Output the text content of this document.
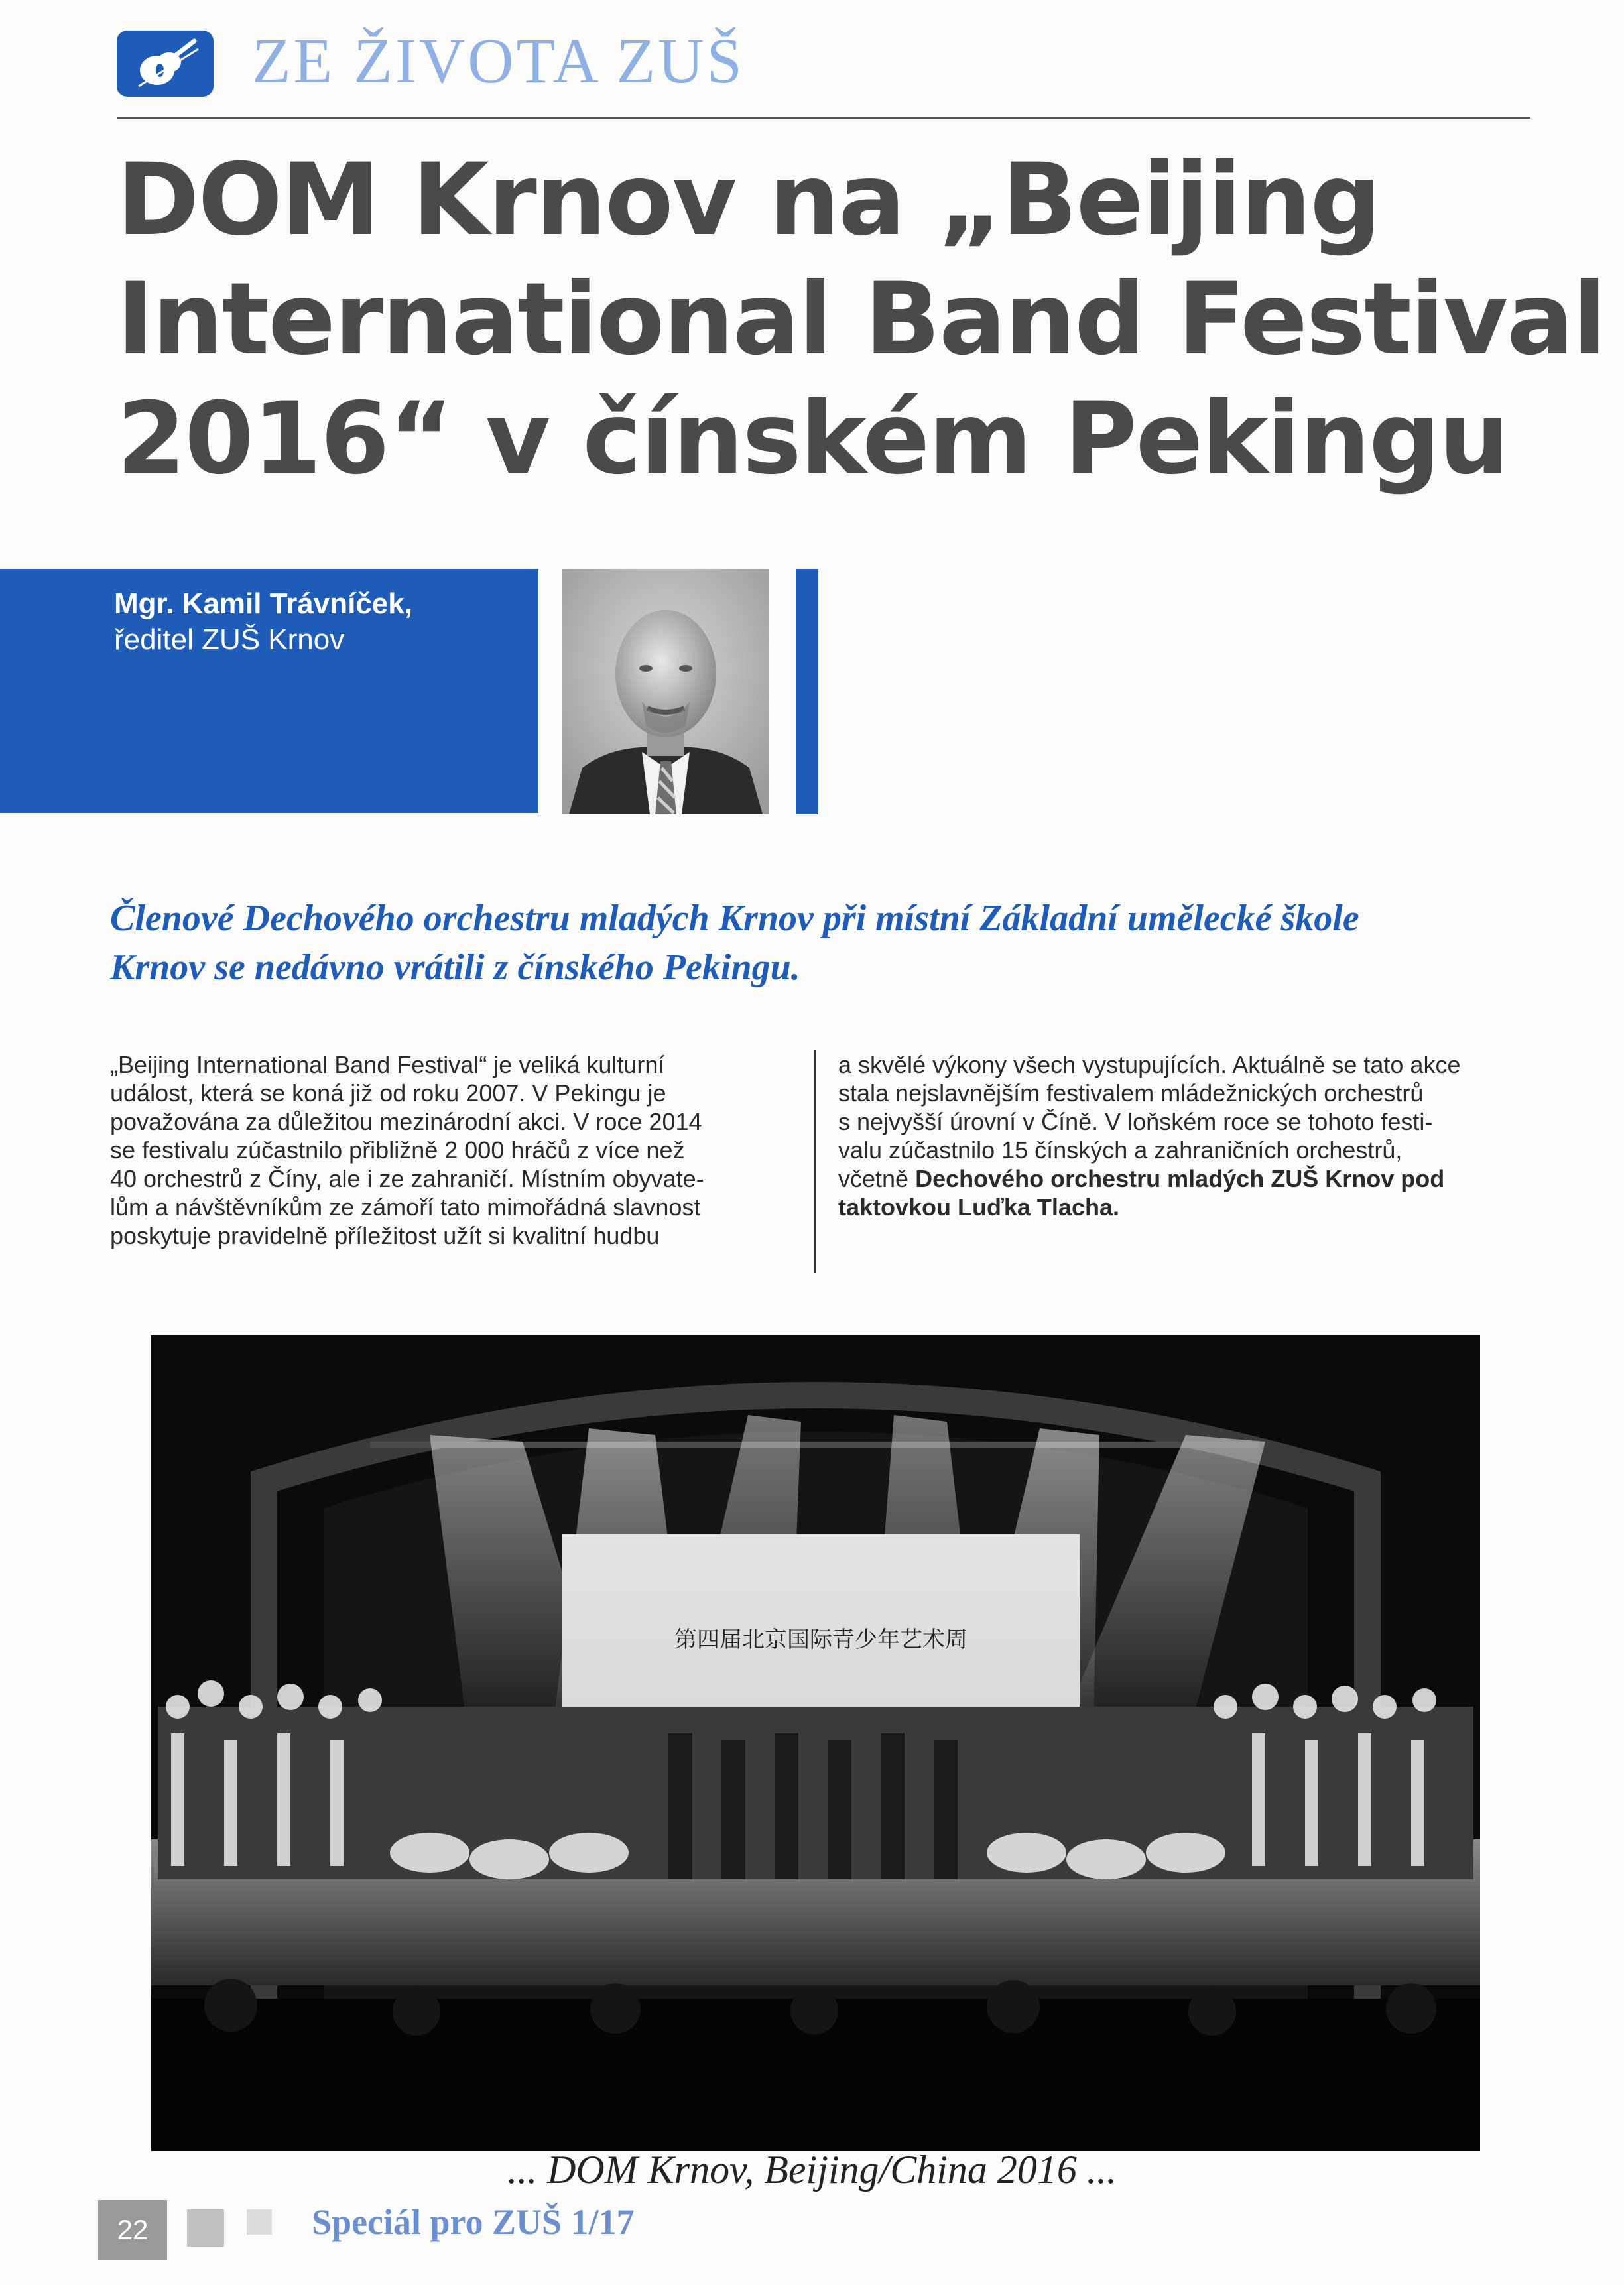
ZE ŽIVOTA ZUŠ
DOM Krnov na „Beijing
International Band Festival
2016“ v čínském Pekingu
Mgr. Kamil Trávníček,
ředitel ZUŠ Krnov
Členové Dechového orchestru mladých Krnov při místní Základní umělecké škole
Krnov se nedávno vrátili z čínského Pekingu.
„Beijing International Band Festival“ je veliká kulturní
událost, která se koná již od roku 2007. V Pekingu je
považována za důležitou mezinárodní akci. V roce 2014
se festivalu zúčastnilo přibližně 2 000 hráčů z více než
40 orchestrů z Číny, ale i ze zahraničí. Místním obyvate-
lům a návštěvníkům ze zámoří tato mimořádná slavnost
poskytuje pravidelně příležitost užít si kvalitní hudbu
a skvělé výkony všech vystupujících. Aktuálně se tato akce
stala nejslavnějším festivalem mládežnických orchestrů
s nejvyšší úrovní v Číně. V loňském roce se tohoto festi-
valu zúčastnilo 15 čínských a zahraničních orchestrů,
včetně Dechového orchestru mladých ZUŠ Krnov pod
taktovkou Luďka Tlacha.
第四届北京国际青少年艺术周
... DOM Krnov, Beijing/China 2016 ...
22	Speciál pro ZUŠ 1/17
